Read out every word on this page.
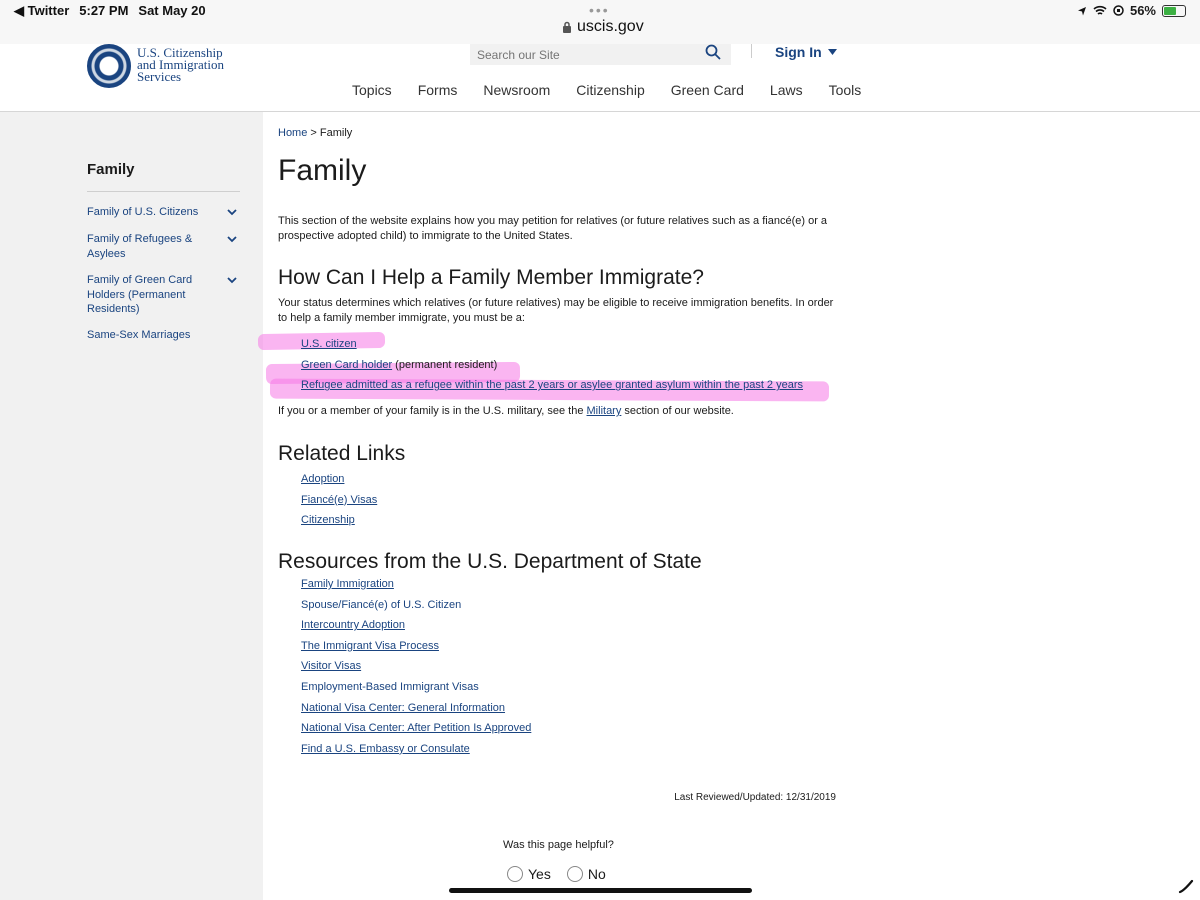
◀ Twitter 5:27 PM Sat May 20	•••
uscis.gov
56%
U.S. Citizenship
and Immigration
Services
Search our Site
Sign In
Topics Forms Newsroom Citizenship Green Card Laws Tools
Family
Family of U.S. Citizens
Family of Refugees & Asylees
Family of Green Card Holders (Permanent Residents)
Same-Sex Marriages
Home > Family
Family

This section of the website explains how you may petition for relatives (or future relatives such as a fiancé(e) or a prospective adopted child) to immigrate to the United States.

How Can I Help a Family Member Immigrate?

Your status determines which relatives (or future relatives) may be eligible to receive immigration benefits. In order to help a family member immigrate, you must be a:

U.S. citizen
Green Card holder (permanent resident)
Refugee admitted as a refugee within the past 2 years or asylee granted asylum within the past 2 years

If you or a member of your family is in the U.S. military, see the Military section of our website.

Related Links
Adoption
Fiancé(e) Visas
Citizenship
Resources from the U.S. Department of State
Family Immigration
Spouse/Fiancé(e) of U.S. Citizen
Intercountry Adoption
The Immigrant Visa Process
Visitor Visas
Employment-Based Immigrant Visas
National Visa Center: General Information
National Visa Center: After Petition Is Approved
Find a U.S. Embassy or Consulate
Last Reviewed/Updated: 12/31/2019
Was this page helpful?
Yes	No
